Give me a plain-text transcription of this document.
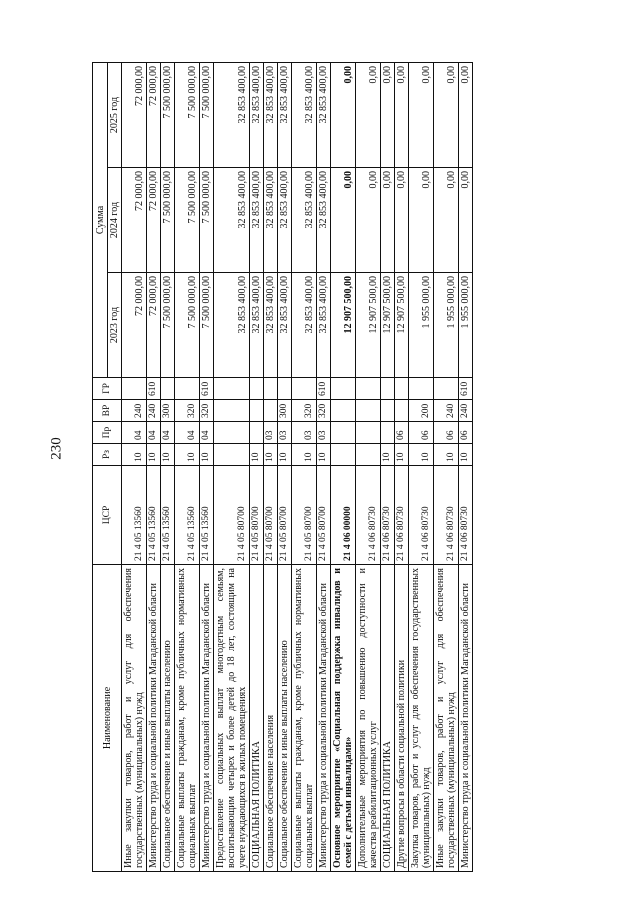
230
Наименование	ЦСР	Рз	Пр	ВР	ГР	Сумма		
						2023 год	2024 год	2025 год
Иные закупки товаров, работ и услуг для обеспечения государственных (муниципальных) нужд	21 4 05 13560	10	04	240		72 000,00	72 000,00	72 000,00
Министерство труда и социальной политики Магаданской области	21 4 05 13560	10	04	240	610	72 000,00	72 000,00	72 000,00
Социальное обеспечение и иные выплаты населению	21 4 05 13560	10	04	300		7 500 000,00	7 500 000,00	7 500 000,00
Социальные выплаты гражданам, кроме публичных нормативных социальных выплат	21 4 05 13560	10	04	320		7 500 000,00	7 500 000,00	7 500 000,00
Министерство труда и социальной политики Магаданской области	21 4 05 13560	10	04	320	610	7 500 000,00	7 500 000,00	7 500 000,00
Предоставление социальных выплат многодетным семьям, воспитывающим четырех и более детей до 18 лет, состоящим на учете нуждающихся в жилых помещениях	21 4 05 80700					32 853 400,00	32 853 400,00	32 853 400,00
СОЦИАЛЬНАЯ ПОЛИТИКА	21 4 05 80700	10				32 853 400,00	32 853 400,00	32 853 400,00
Социальное обеспечение населения	21 4 05 80700	10	03			32 853 400,00	32 853 400,00	32 853 400,00
Социальное обеспечение и иные выплаты населению	21 4 05 80700	10	03	300		32 853 400,00	32 853 400,00	32 853 400,00
Социальные выплаты гражданам, кроме публичных нормативных социальных выплат	21 4 05 80700	10	03	320		32 853 400,00	32 853 400,00	32 853 400,00
Министерство труда и социальной политики Магаданской области	21 4 05 80700	10	03	320	610	32 853 400,00	32 853 400,00	32 853 400,00
Основное мероприятие «Социальная поддержка инвалидов и семей с детьми инвалидами»	21 4 06 00000					12 907 500,00	0,00	0,00
Дополнительные мероприятия по повышению доступности и качества реабилитационных услуг	21 4 06 80730					12 907 500,00	0,00	0,00
СОЦИАЛЬНАЯ ПОЛИТИКА	21 4 06 80730	10				12 907 500,00	0,00	0,00
Другие вопросы в области социальной политики	21 4 06 80730	10	06			12 907 500,00	0,00	0,00
Закупка товаров, работ и услуг для обеспечения государственных (муниципальных) нужд	21 4 06 80730	10	06	200		1 955 000,00	0,00	0,00
Иные закупки товаров, работ и услуг для обеспечения государственных (муниципальных) нужд	21 4 06 80730	10	06	240		1 955 000,00	0,00	0,00
Министерство труда и социальной политики Магаданской области	21 4 06 80730	10	06	240	610	1 955 000,00	0,00	0,00
